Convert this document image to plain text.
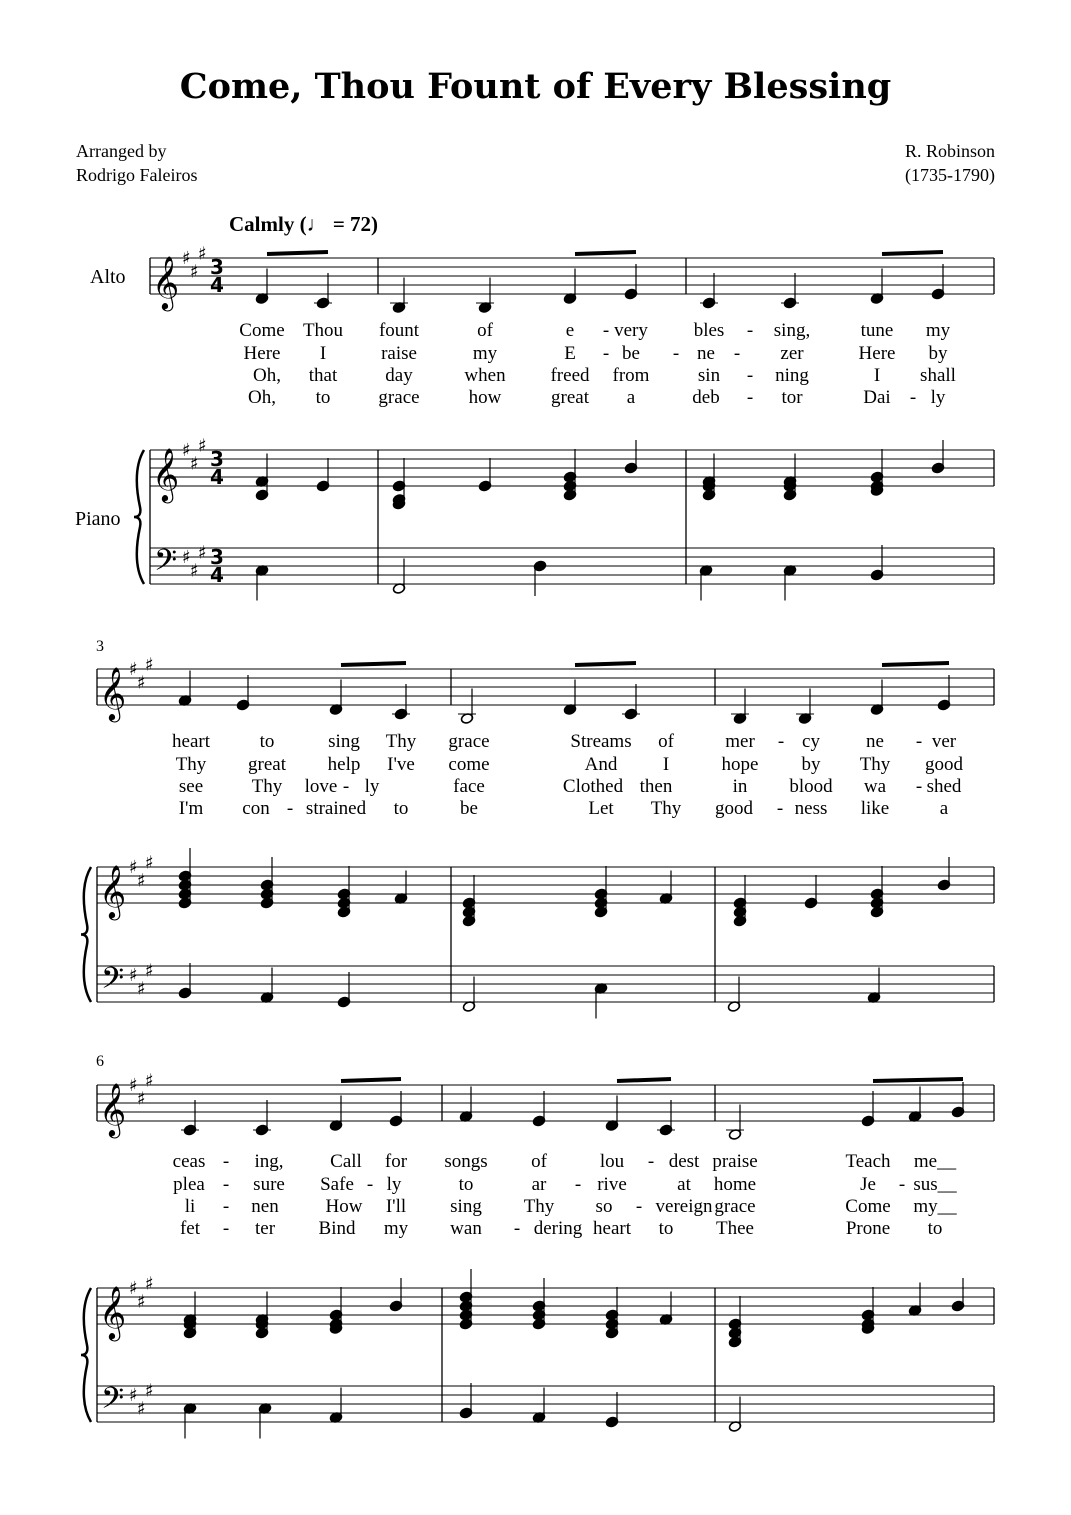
Come, Thou Fount of Every Blessing
Arranged by
Rodrigo Faleiros
R. Robinson
(1735-1790)
Calmly (♩ = 72)
Alto
Piano
3
6
𝄞
𝄞
𝄢
♯
♯
♯
♯
♯
♯
♯
♯
♯
3
4
3
4
3
4
𝄞
𝄞
𝄢
♯
♯
♯
♯
♯
♯
♯
♯
♯
𝄞
𝄞
𝄢
♯
♯
♯
♯
♯
♯
♯
♯
♯
Come Thou fount	of	e - very bles - sing,	tune my
Here I	raise	my	E - be - ne - zer	Here by
Oh, that	day	when freed from	sin - ning	I shall
Oh, to	grace	how	great a	deb - tor	Dai - ly
heart	to	sing Thy grace	Streams of	mer - cy ne - ver
Thy great help I've come	And I	hope by Thy good
see	Thy love - ly	face	Clothed then	in blood wa - shed
I'm con - strained to	be	Let Thy good - ness like	a
ceas - ing, Call for songs of	lou - dest praise	Teach me__
plea - sure Safe - ly	to	ar - rive	at home	Je - sus__
li - nen How I'll sing Thy so - vereign grace	Come my__
fet - ter Bind my wan - dering heart to Thee	Prone to
